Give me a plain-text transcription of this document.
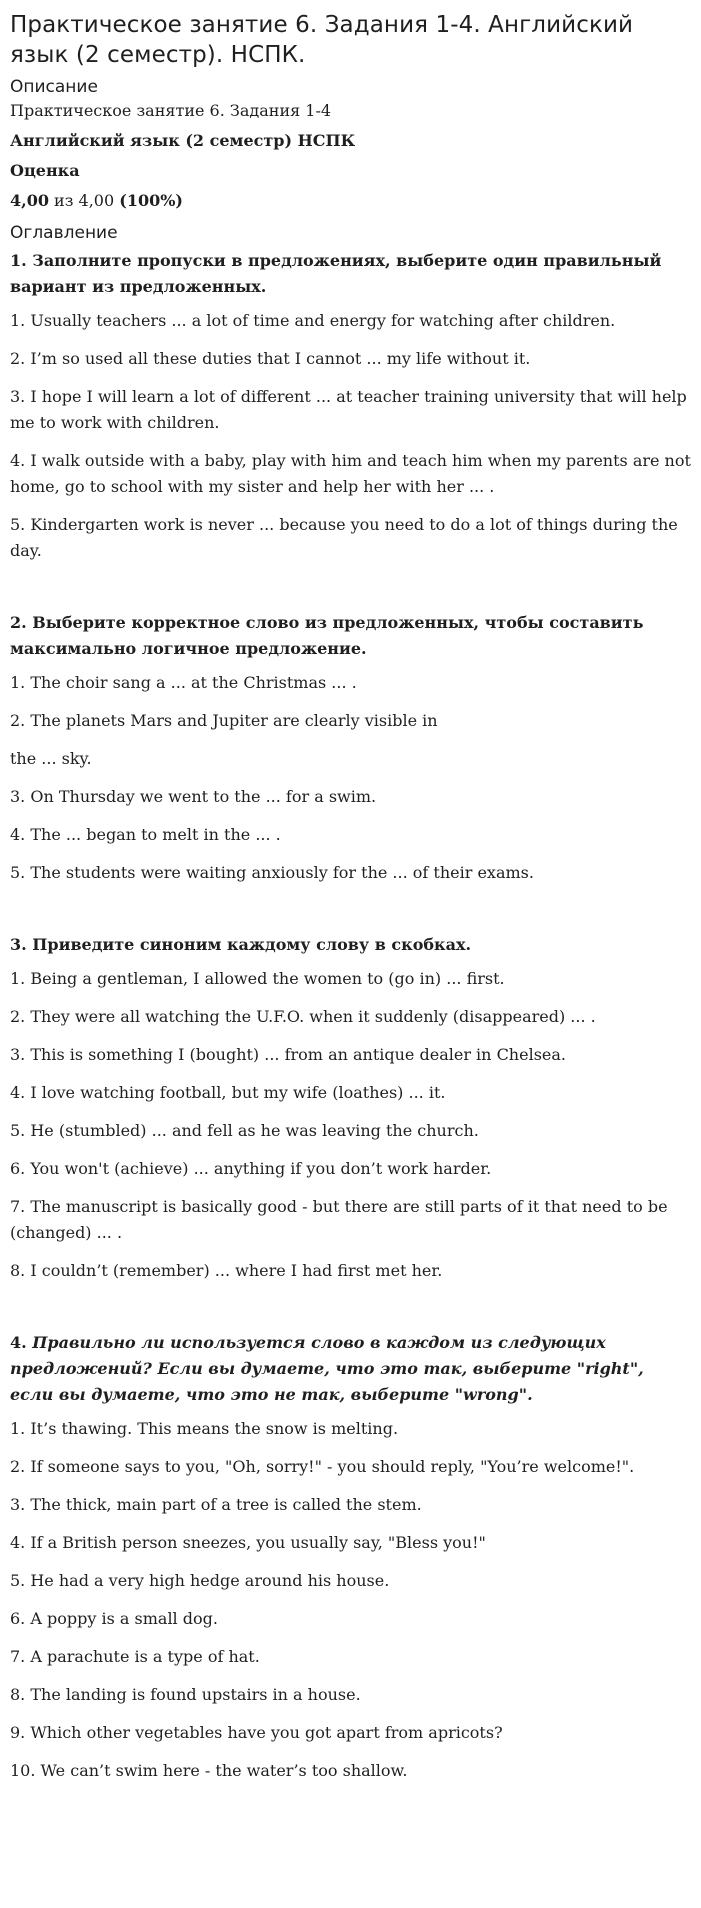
Практическое занятие 6. Задания 1-4. Английский язык (2 семестр). НСПК.
Описание
Практическое занятие 6. Задания 1-4
Английский язык (2 семестр) НСПК
Оценка
4,00 из 4,00 (100%)
Оглавление
1. Заполните пропуски в предложениях, выберите один правильный вариант из предложенных.
1. Usually teachers ... a lot of time and energy for watching after children.
2. I’m so used all these duties that I cannot ... my life without it.
3. I hope I will learn a lot of different ... at teacher training university that will help me to work with children.
4. I walk outside with a baby, play with him and teach him when my parents are not home, go to school with my sister and help her with her ... .
5. Kindergarten work is never ... because you need to do a lot of things during the day.
2. Выберите корректное слово из предложенных, чтобы составить максимально логичное предложение.
1. The choir sang a ... at the Christmas ... .
2. The planets Mars and Jupiter are clearly visible in
the ... sky.
3. On Thursday we went to the ... for a swim.
4. The ... began to melt in the ... .
5. The students were waiting anxiously for the ... of their exams.
3. Приведите синоним каждому слову в скобках.
1. Being a gentleman, I allowed the women to (go in) ... first.
2. They were all watching the U.F.O. when it suddenly (disappeared) ... .
3. This is something I (bought) ... from an antique dealer in Chelsea.
4. I love watching football, but my wife (loathes) ... it.
5. He (stumbled) ... and fell as he was leaving the church.
6. You won't (achieve) ... anything if you don’t work harder.
7. The manuscript is basically good - but there are still parts of it that need to be (changed) ... .
8. I couldn’t (remember) ... where I had first met her.
4. Правильно ли используется слово в каждом из следующих предложений? Если вы думаете, что это так, выберите "right", если вы думаете, что это не так, выберите "wrong".
1. It’s thawing. This means the snow is melting.
2. If someone says to you, "Oh, sorry!" - you should reply, "You’re welcome!".
3. The thick, main part of a tree is called the stem.
4. If a British person sneezes, you usually say, "Bless you!"
5. He had a very high hedge around his house.
6. A poppy is a small dog.
7. A parachute is a type of hat.
8. The landing is found upstairs in a house.
9. Which other vegetables have you got apart from apricots?
10. We can’t swim here - the water’s too shallow.
